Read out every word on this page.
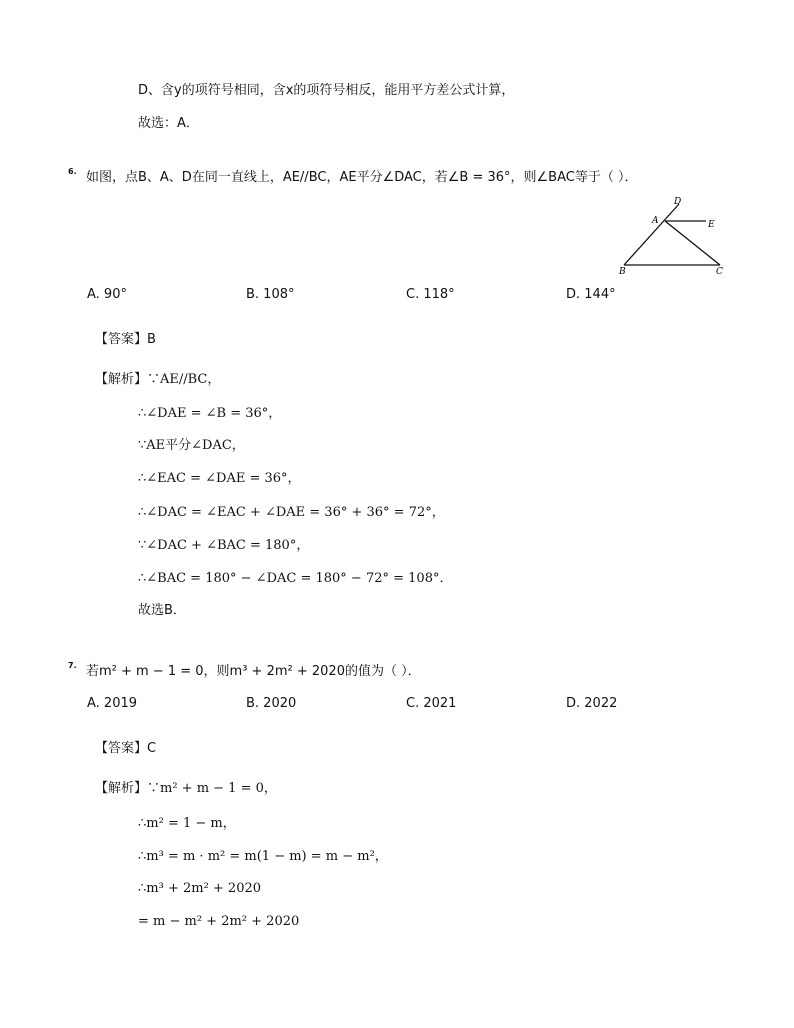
D、含y的项符号相同，含x的项符号相反，能用平方差公式计算，
故选：A．
6. 如图，点B、A、D在同一直线上，AE//BC，AE平分∠DAC，若∠B = 36°，则∠BAC等于（ ）．
D
A	E
B	C
A. 90°	B. 108°	C. 118°	D. 144°
【答案】B
【解析】∵AE//BC，
∴∠DAE = ∠B = 36°，
∵AE平分∠DAC，
∴∠EAC = ∠DAE = 36°，
∴∠DAC = ∠EAC + ∠DAE = 36° + 36° = 72°，
∵∠DAC + ∠BAC = 180°，
∴∠BAC = 180° − ∠DAC = 180° − 72° = 108°．
故选B．
7. 若m² + m − 1 = 0，则m³ + 2m² + 2020的值为（ ）．
A. 2019	B. 2020	C. 2021	D. 2022
【答案】C
【解析】∵m² + m − 1 = 0，
∴m² = 1 − m，
∴m³ = m · m² = m(1 − m) = m − m²，
∴m³ + 2m² + 2020
= m − m² + 2m² + 2020
